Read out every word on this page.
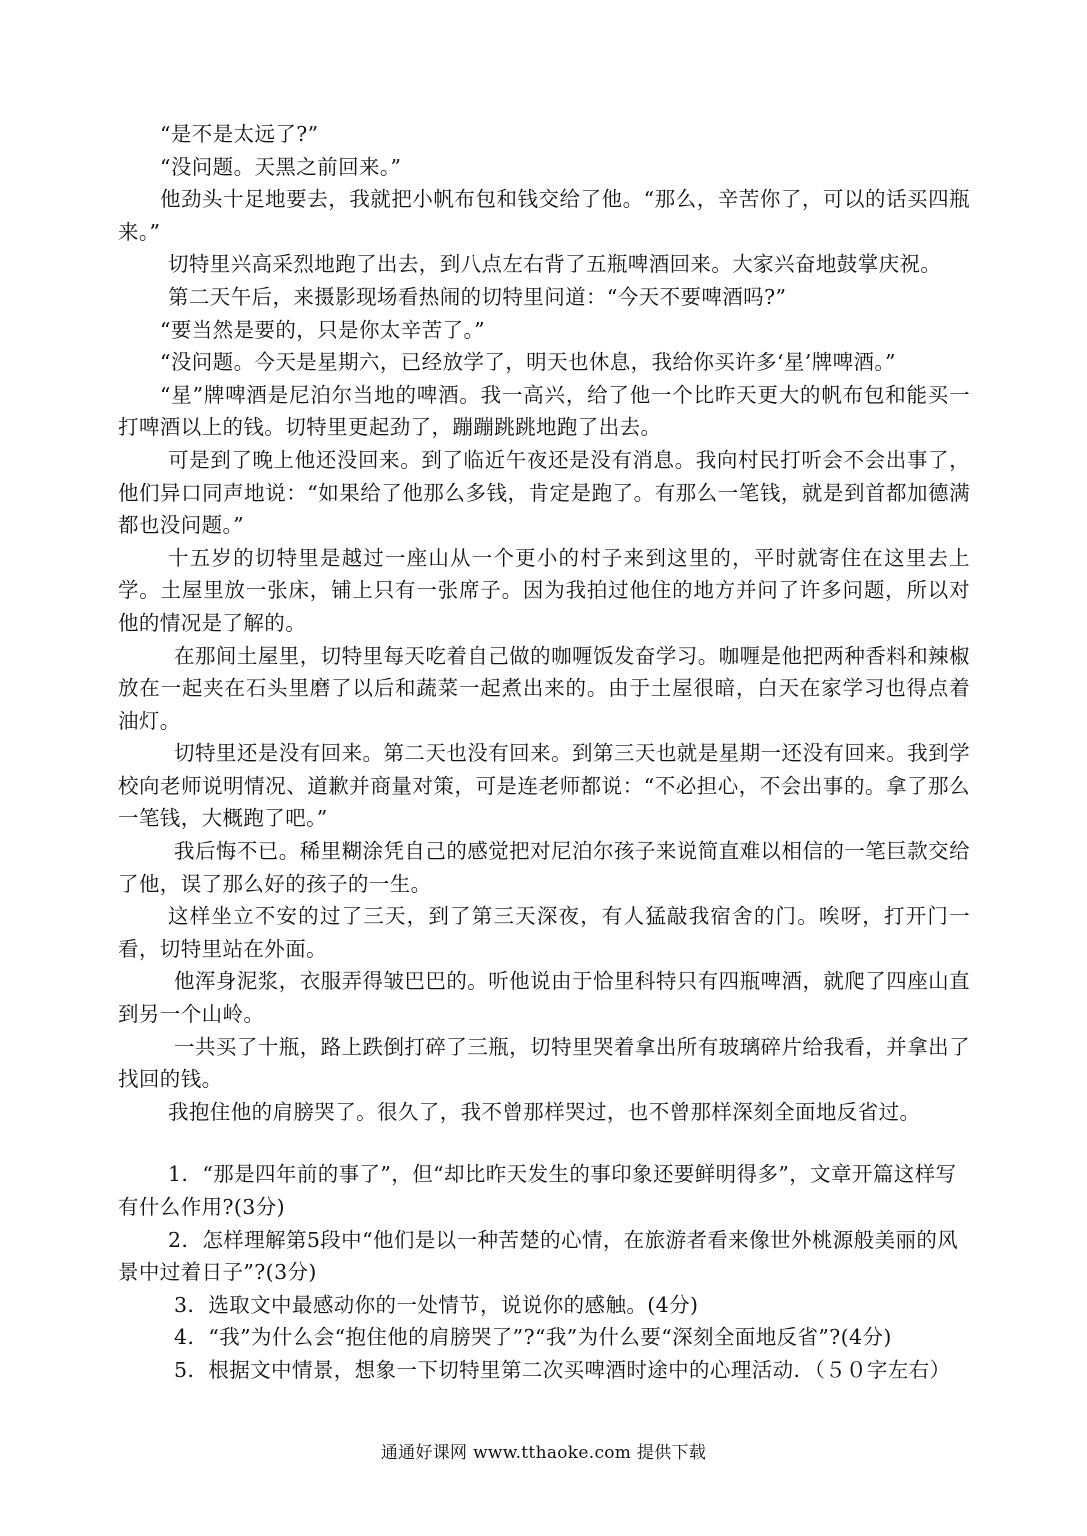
“是不是太远了?”

“没问题。天黑之前回来。”

他劲头十足地要去，我就把小帆布包和钱交给了他。“那么，辛苦你了，可以的话买四瓶来。”

切特里兴高采烈地跑了出去，到八点左右背了五瓶啤酒回来。大家兴奋地鼓掌庆祝。

第二天午后，来摄影现场看热闹的切特里问道：“今天不要啤酒吗?”

“要当然是要的，只是你太辛苦了。”

“没问题。今天是星期六，已经放学了，明天也休息，我给你买许多‘星’牌啤酒。”

“星”牌啤酒是尼泊尔当地的啤酒。我一高兴，给了他一个比昨天更大的帆布包和能买一打啤酒以上的钱。切特里更起劲了，蹦蹦跳跳地跑了出去。

可是到了晚上他还没回来。到了临近午夜还是没有消息。我向村民打听会不会出事了，他们异口同声地说：“如果给了他那么多钱，肯定是跑了。有那么一笔钱，就是到首都加德满都也没问题。”

十五岁的切特里是越过一座山从一个更小的村子来到这里的，平时就寄住在这里去上学。土屋里放一张床，铺上只有一张席子。因为我拍过他住的地方并问了许多问题，所以对他的情况是了解的。

在那间土屋里，切特里每天吃着自己做的咖喱饭发奋学习。咖喱是他把两种香料和辣椒放在一起夹在石头里磨了以后和蔬菜一起煮出来的。由于土屋很暗，白天在家学习也得点着油灯。

切特里还是没有回来。第二天也没有回来。到第三天也就是星期一还没有回来。我到学校向老师说明情况、道歉并商量对策，可是连老师都说：“不必担心，不会出事的。拿了那么一笔钱，大概跑了吧。”

我后悔不已。稀里糊涂凭自己的感觉把对尼泊尔孩子来说简直难以相信的一笔巨款交给了他，误了那么好的孩子的一生。

这样坐立不安的过了三天，到了第三天深夜，有人猛敲我宿舍的门。唉呀，打开门一看，切特里站在外面。

他浑身泥浆，衣服弄得皱巴巴的。听他说由于恰里科特只有四瓶啤酒，就爬了四座山直到另一个山岭。

一共买了十瓶，路上跌倒打碎了三瓶，切特里哭着拿出所有玻璃碎片给我看，并拿出了找回的钱。

我抱住他的肩膀哭了。很久了，我不曾那样哭过，也不曾那样深刻全面地反省过。

1．“那是四年前的事了”，但“却比昨天发生的事印象还要鲜明得多”，文章开篇这样写有什么作用?(3分)

2．怎样理解第5段中“他们是以一种苦楚的心情，在旅游者看来像世外桃源般美丽的风景中过着日子”?(3分)

3．选取文中最感动你的一处情节，说说你的感触。(4分)

4．“我”为什么会“抱住他的肩膀哭了”?“我”为什么要“深刻全面地反省”?(4分)

5．根据文中情景，想象一下切特里第二次买啤酒时途中的心理活动．（５０字左右）

通通好课网 www.tthaoke.com 提供下载
